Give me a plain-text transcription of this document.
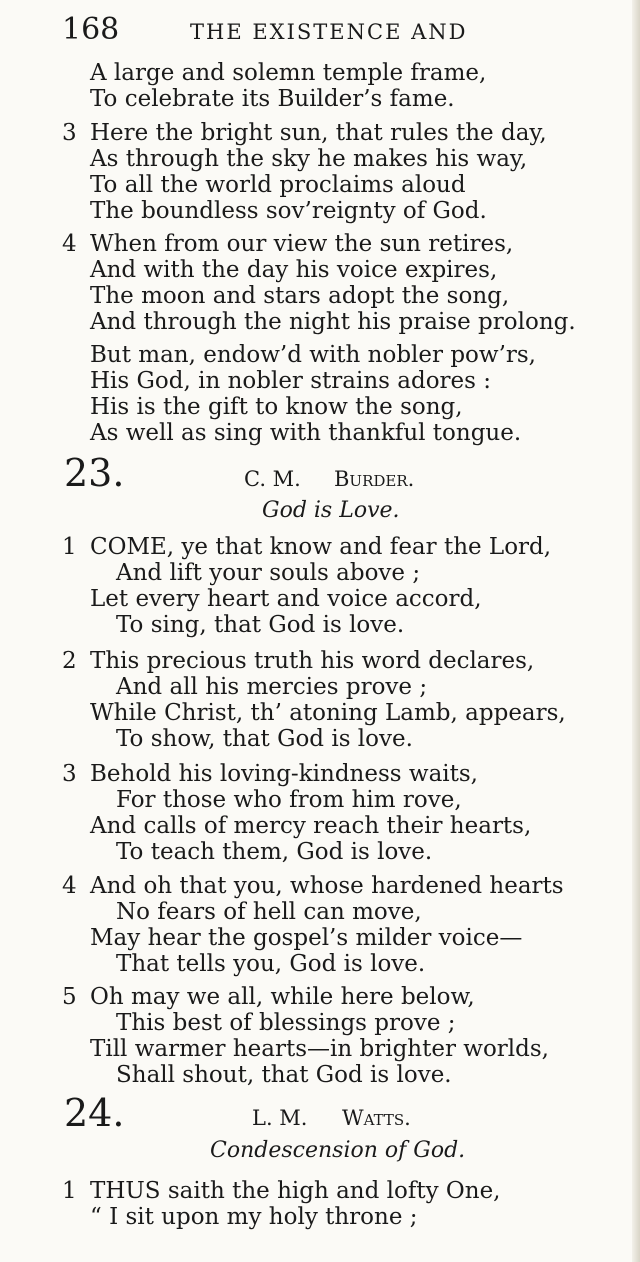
168	THE EXISTENCE AND
A large and solemn temple frame,
To celebrate its Builder’s fame.
3 Here the bright sun, that rules the day,
As through the sky he makes his way,
To all the world proclaims aloud
The boundless sov’reignty of God.
4 When from our view the sun retires,
And with the day his voice expires,
The moon and stars adopt the song,
And through the night his praise prolong.
But man, endow’d with nobler pow’rs,
His God, in nobler strains adores :
His is the gift to know the song,
As well as sing with thankful tongue.
23.	C. M. Burder.
God is Love.
1 COME, ye that know and fear the Lord,
And lift your souls above ;
Let every heart and voice accord,
To sing, that God is love.
2 This precious truth his word declares,
And all his mercies prove ;
While Christ, th’ atoning Lamb, appears,
To show, that God is love.
3 Behold his loving-kindness waits,
For those who from him rove,
And calls of mercy reach their hearts,
To teach them, God is love.
4 And oh that you, whose hardened hearts
No fears of hell can move,
May hear the gospel’s milder voice—
That tells you, God is love.
5 Oh may we all, while here below,
This best of blessings prove ;
Till warmer hearts—in brighter worlds,
Shall shout, that God is love.
24.	L. M. Watts.
Condescension of God.
1 THUS saith the high and lofty One,
“ I sit upon my holy throne ;
